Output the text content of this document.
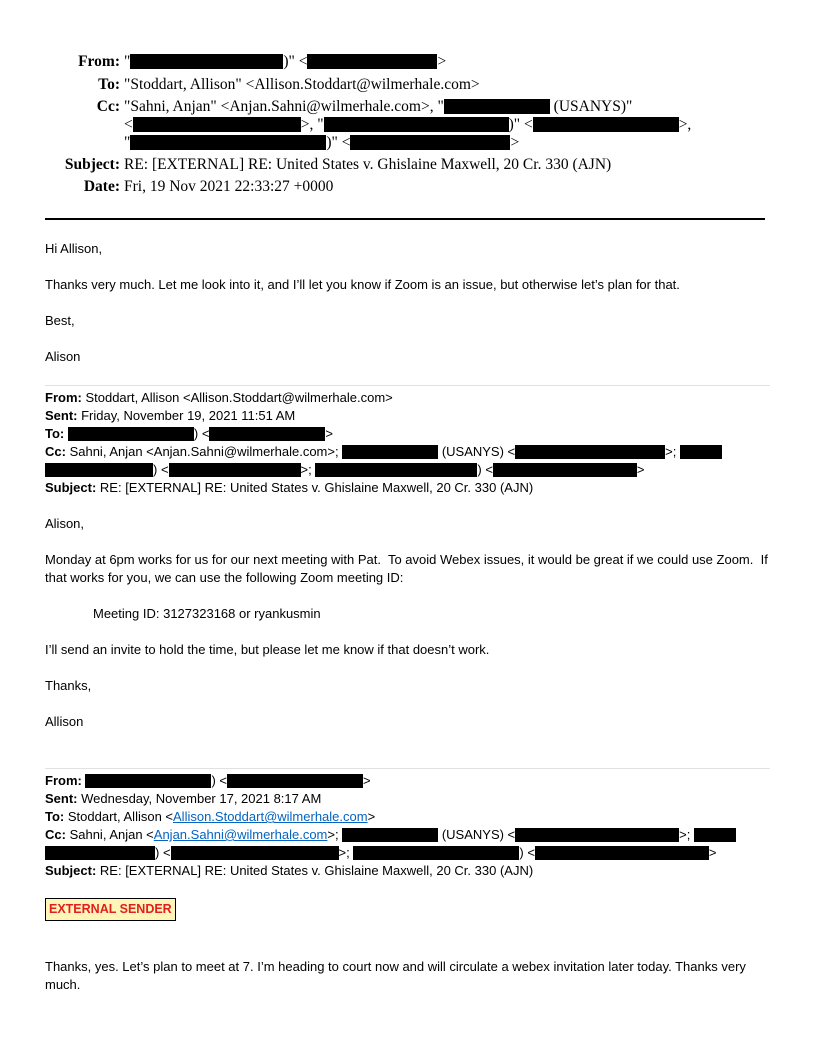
From: "	)" <	>
To: "Stoddart, Allison" <Allison.Stoddart@wilmerhale.com>
Cc: "Sahni, Anjan" <Anjan.Sahni@wilmerhale.com>, "	(USANYS)"
<	>, "	)" <	>,
"	)" <	>
Subject: RE: [EXTERNAL] RE: United States v. Ghislaine Maxwell, 20 Cr. 330 (AJN)
Date: Fri, 19 Nov 2021 22:33:27 +0000
Hi Allison,
Thanks very much. Let me look into it, and I’ll let you know if Zoom is an issue, but otherwise let’s plan for that.
Best,
Alison
From: Stoddart, Allison <Allison.Stoddart@wilmerhale.com>
Sent: Friday, November 19, 2021 11:51 AM
To:	) <	>
Cc: Sahni, Anjan <Anjan.Sahni@wilmerhale.com>;	(USANYS) <	>;
) <	>;	) <	>
Subject: RE: [EXTERNAL] RE: United States v. Ghislaine Maxwell, 20 Cr. 330 (AJN)
Alison,
Monday at 6pm works for us for our next meeting with Pat.  To avoid Webex issues, it would be great if we could use Zoom.  If that works for you, we can use the following Zoom meeting ID:
Meeting ID: 3127323168 or ryankusmin
I’ll send an invite to hold the time, but please let me know if that doesn’t work.
Thanks,
Allison
From:	) <	>
Sent: Wednesday, November 17, 2021 8:17 AM
To: Stoddart, Allison <Allison.Stoddart@wilmerhale.com>
Cc: Sahni, Anjan <Anjan.Sahni@wilmerhale.com>;	(USANYS) <	>;
) <	>;	) <	>
Subject: RE: [EXTERNAL] RE: United States v. Ghislaine Maxwell, 20 Cr. 330 (AJN)
EXTERNAL SENDER
Thanks, yes. Let’s plan to meet at 7. I’m heading to court now and will circulate a webex invitation later today. Thanks very much.
